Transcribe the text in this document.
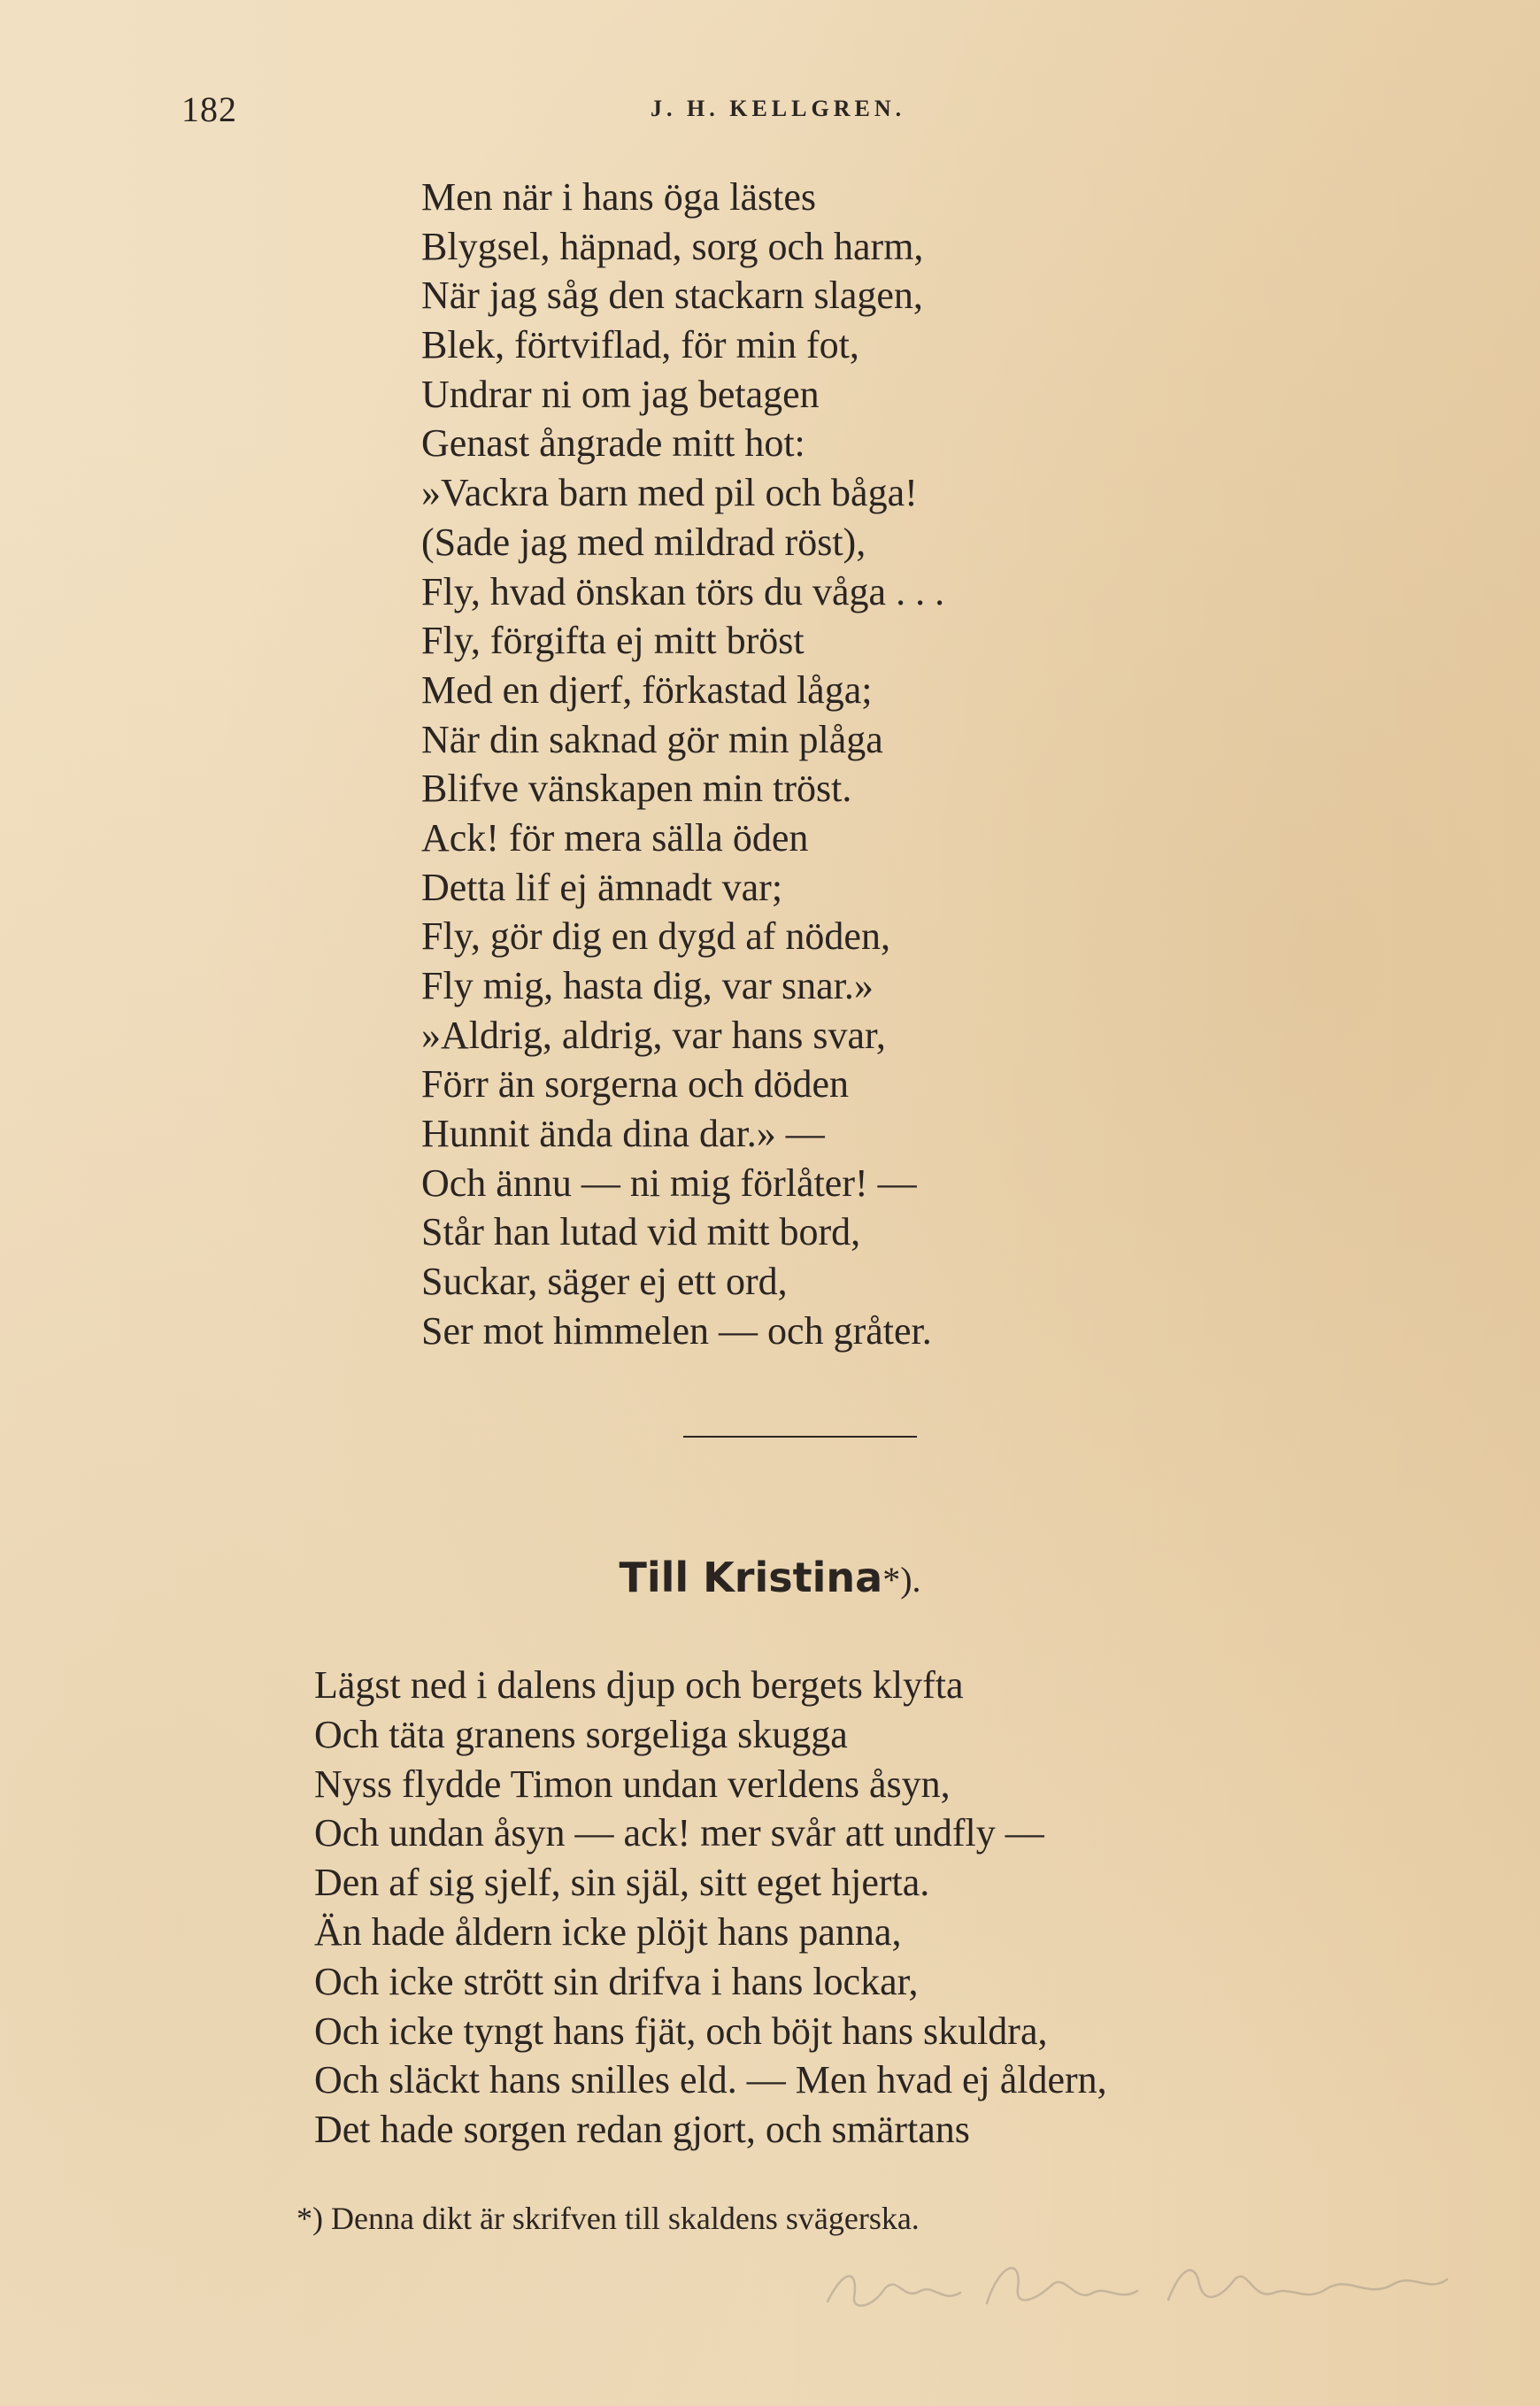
182	J. H. KELLGREN.
Men när i hans öga lästes
Blygsel, häpnad, sorg och harm,
När jag såg den stackarn slagen,
Blek, förtviflad, för min fot,
Undrar ni om jag betagen
Genast ångrade mitt hot:
»Vackra barn med pil och båga!
(Sade jag med mildrad röst),
Fly, hvad önskan törs du våga . . .
Fly, förgifta ej mitt bröst
Med en djerf, förkastad låga;
När din saknad gör min plåga
Blifve vänskapen min tröst.
Ack! för mera sälla öden
Detta lif ej ämnadt var;
Fly, gör dig en dygd af nöden,
Fly mig, hasta dig, var snar.»
»Aldrig, aldrig, var hans svar,
Förr än sorgerna och döden
Hunnit ända dina dar.» —
Och ännu — ni mig förlåter! —
Står han lutad vid mitt bord,
Suckar, säger ej ett ord,
Ser mot himmelen — och gråter.
Till Kristina*).
Lägst ned i dalens djup och bergets klyfta
Och täta granens sorgeliga skugga
Nyss flydde Timon undan verldens åsyn,
Och undan åsyn — ack! mer svår att undfly —
Den af sig sjelf, sin själ, sitt eget hjerta.
Än hade åldern icke plöjt hans panna,
Och icke strött sin drifva i hans lockar,
Och icke tyngt hans fjät, och böjt hans skuldra,
Och släckt hans snilles eld. — Men hvad ej åldern,
Det hade sorgen redan gjort, och smärtans
*) Denna dikt är skrifven till skaldens svägerska.
